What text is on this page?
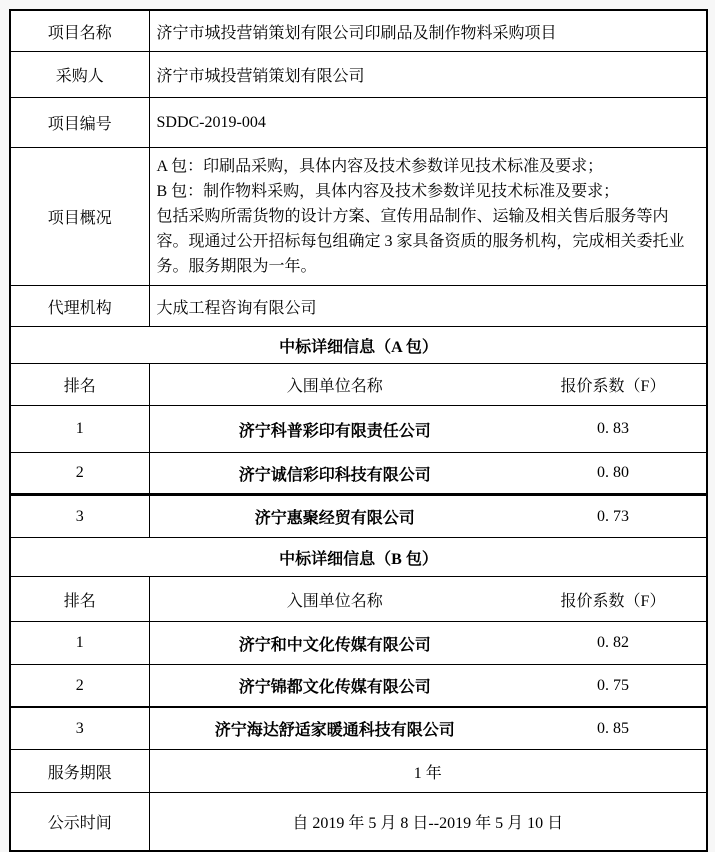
项目名称	济宁市城投营销策划有限公司印刷品及制作物料采购项目	
采购人	济宁市城投营销策划有限公司	
项目编号	SDDC-2019-004	
项目概况	A 包：印刷品采购，具体内容及技术参数详见技术标准及要求；
B 包：制作物料采购，具体内容及技术参数详见技术标准及要求；
包括采购所需货物的设计方案、宣传用品制作、运输及相关售后服务等内容。现通过公开招标每包组确定 3 家具备资质的服务机构，完成相关委托业务。服务期限为一年。	

代理机构	大成工程咨询有限公司	
中标详细信息（A 包）		
排名	入围单位名称	报价系数（F）
1	济宁科普彩印有限责任公司	0. 83
2	济宁诚信彩印科技有限公司	0. 80
3	济宁惠聚经贸有限公司	0. 73
中标详细信息（B 包）		
排名	入围单位名称	报价系数（F）
1	济宁和中文化传媒有限公司	0. 82
2	济宁锦都文化传媒有限公司	0. 75
3	济宁海达舒适家暖通科技有限公司	0. 85
服务期限	1 年	
公示时间	自 2019 年 5 月 8 日--2019 年 5 月 10 日	
